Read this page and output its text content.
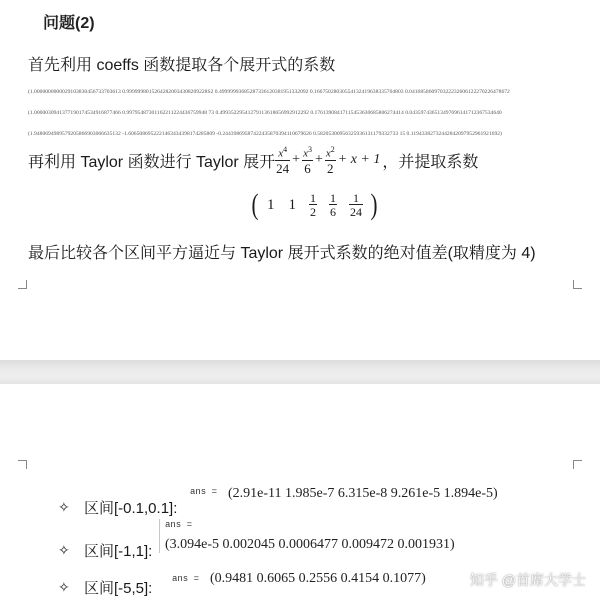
问题(2)
首先利用 coeffs 函数提取各个展开式的系数
(1.0000000000029103830456733703613 0.99999980152642820034308209228S2 0.49999993685287336120381951332092 0.16675028030554132419638335704803 0.041685860970322232606122270226478672
(1.0000030941377190174534916877466 0.99795487301162211224436759948 73 0.49935229541279113618656992912292 0.17613908417115453630685806274414 0.043597436513497696141712367534640
(1.9480694989579205866903066635132 -1.6065086952221463434398174285809 -0.24439869587422435870394110679626 0.58205300956325936131179332733 15 0.11943382732442842097952961921692)
再利用 Taylor 函数进行 Taylor 展开 $\frac{x^4}{24} + \frac{x^3}{6} + \frac{x^2}{2} + x + 1$ ，并提取系数
( 1 1	$\frac{1}{2} \frac{1}{6} \frac{1}{24}$ )
最后比较各个区间平方逼近与 Taylor 展开式系数的绝对值差(取精度为 4)
✧ 区间[-0.1,0.1]:
ans = (2.91e-11 1.985e-7 6.315e-8 9.261e-5 1.894e-5)
✧ 区间[-1,1]:
ans =
(3.094e-5 0.002045 0.0006477 0.009472 0.001931)
✧ 区间[-5,5]:
ans = (0.9481 0.6065 0.2556 0.4154 0.1077)	知乎 @首席大学士
